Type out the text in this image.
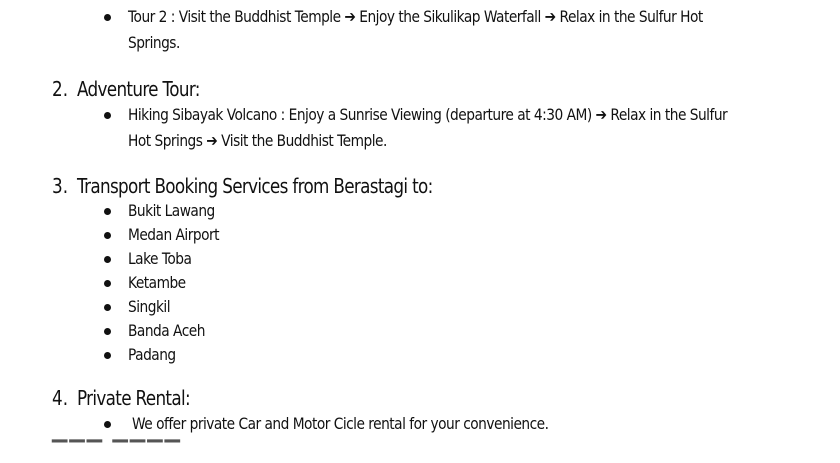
Tour 2 : Visit the Buddhist Temple ➔ Enjoy the Sikulikap Waterfall ➔ Relax in the Sulfur Hot
Springs.
2. Adventure Tour:
Hiking Sibayak Volcano : Enjoy a Sunrise Viewing (departure at 4:30 AM) ➔ Relax in the Sulfur
Hot Springs ➔ Visit the Buddhist Temple.
3. Transport Booking Services from Berastagi to:
Bukit Lawang
Medan Airport
Lake Toba
Ketambe
Singkil
Banda Aceh
Padang
4. Private Rental:
We offer private Car and Motor Cicle rental for your convenience.
▔▔▔ ▔▔▔▔
